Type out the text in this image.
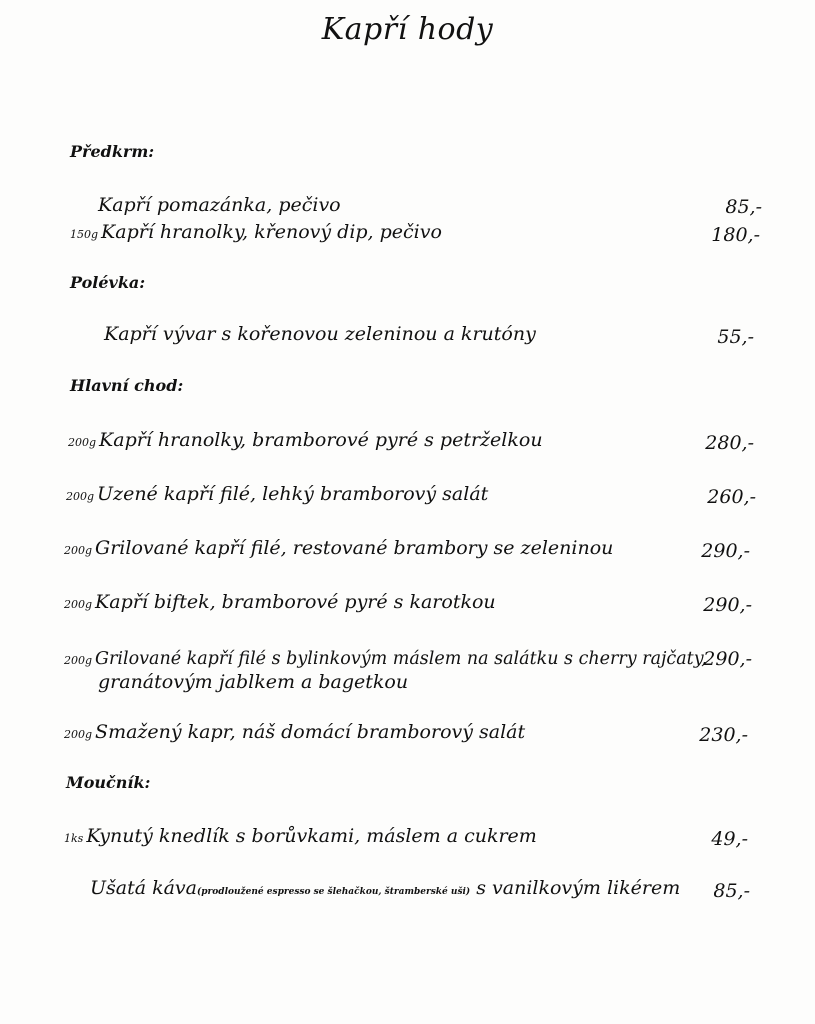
Kapří hody
Předkrm:
Kapří pomazánka, pečivo	85,-
150g Kapří hranolky, křenový dip, pečivo	180,-
Polévka:
Kapří vývar s kořenovou zeleninou a krutóny	55,-
Hlavní chod:
200g Kapří hranolky, bramborové pyré s petrželkou	280,-
200g Uzené kapří filé, lehký bramborový salát	260,-
200g Grilované kapří filé, restované brambory se zeleninou	290,-
200g Kapří biftek, bramborové pyré s karotkou	290,-
200g Grilované kapří filé s bylinkovým máslem na salátku s cherry rajčaty,
granátovým jablkem a bagetkou
290,-
200g Smažený kapr, náš domácí bramborový salát	230,-
Moučník:
1ks Kynutý knedlík s borůvkami, máslem a cukrem	49,-
Ušatá káva(prodloužené espresso se šlehačkou, štramberské uši) s vanilkovým likérem	85,-
